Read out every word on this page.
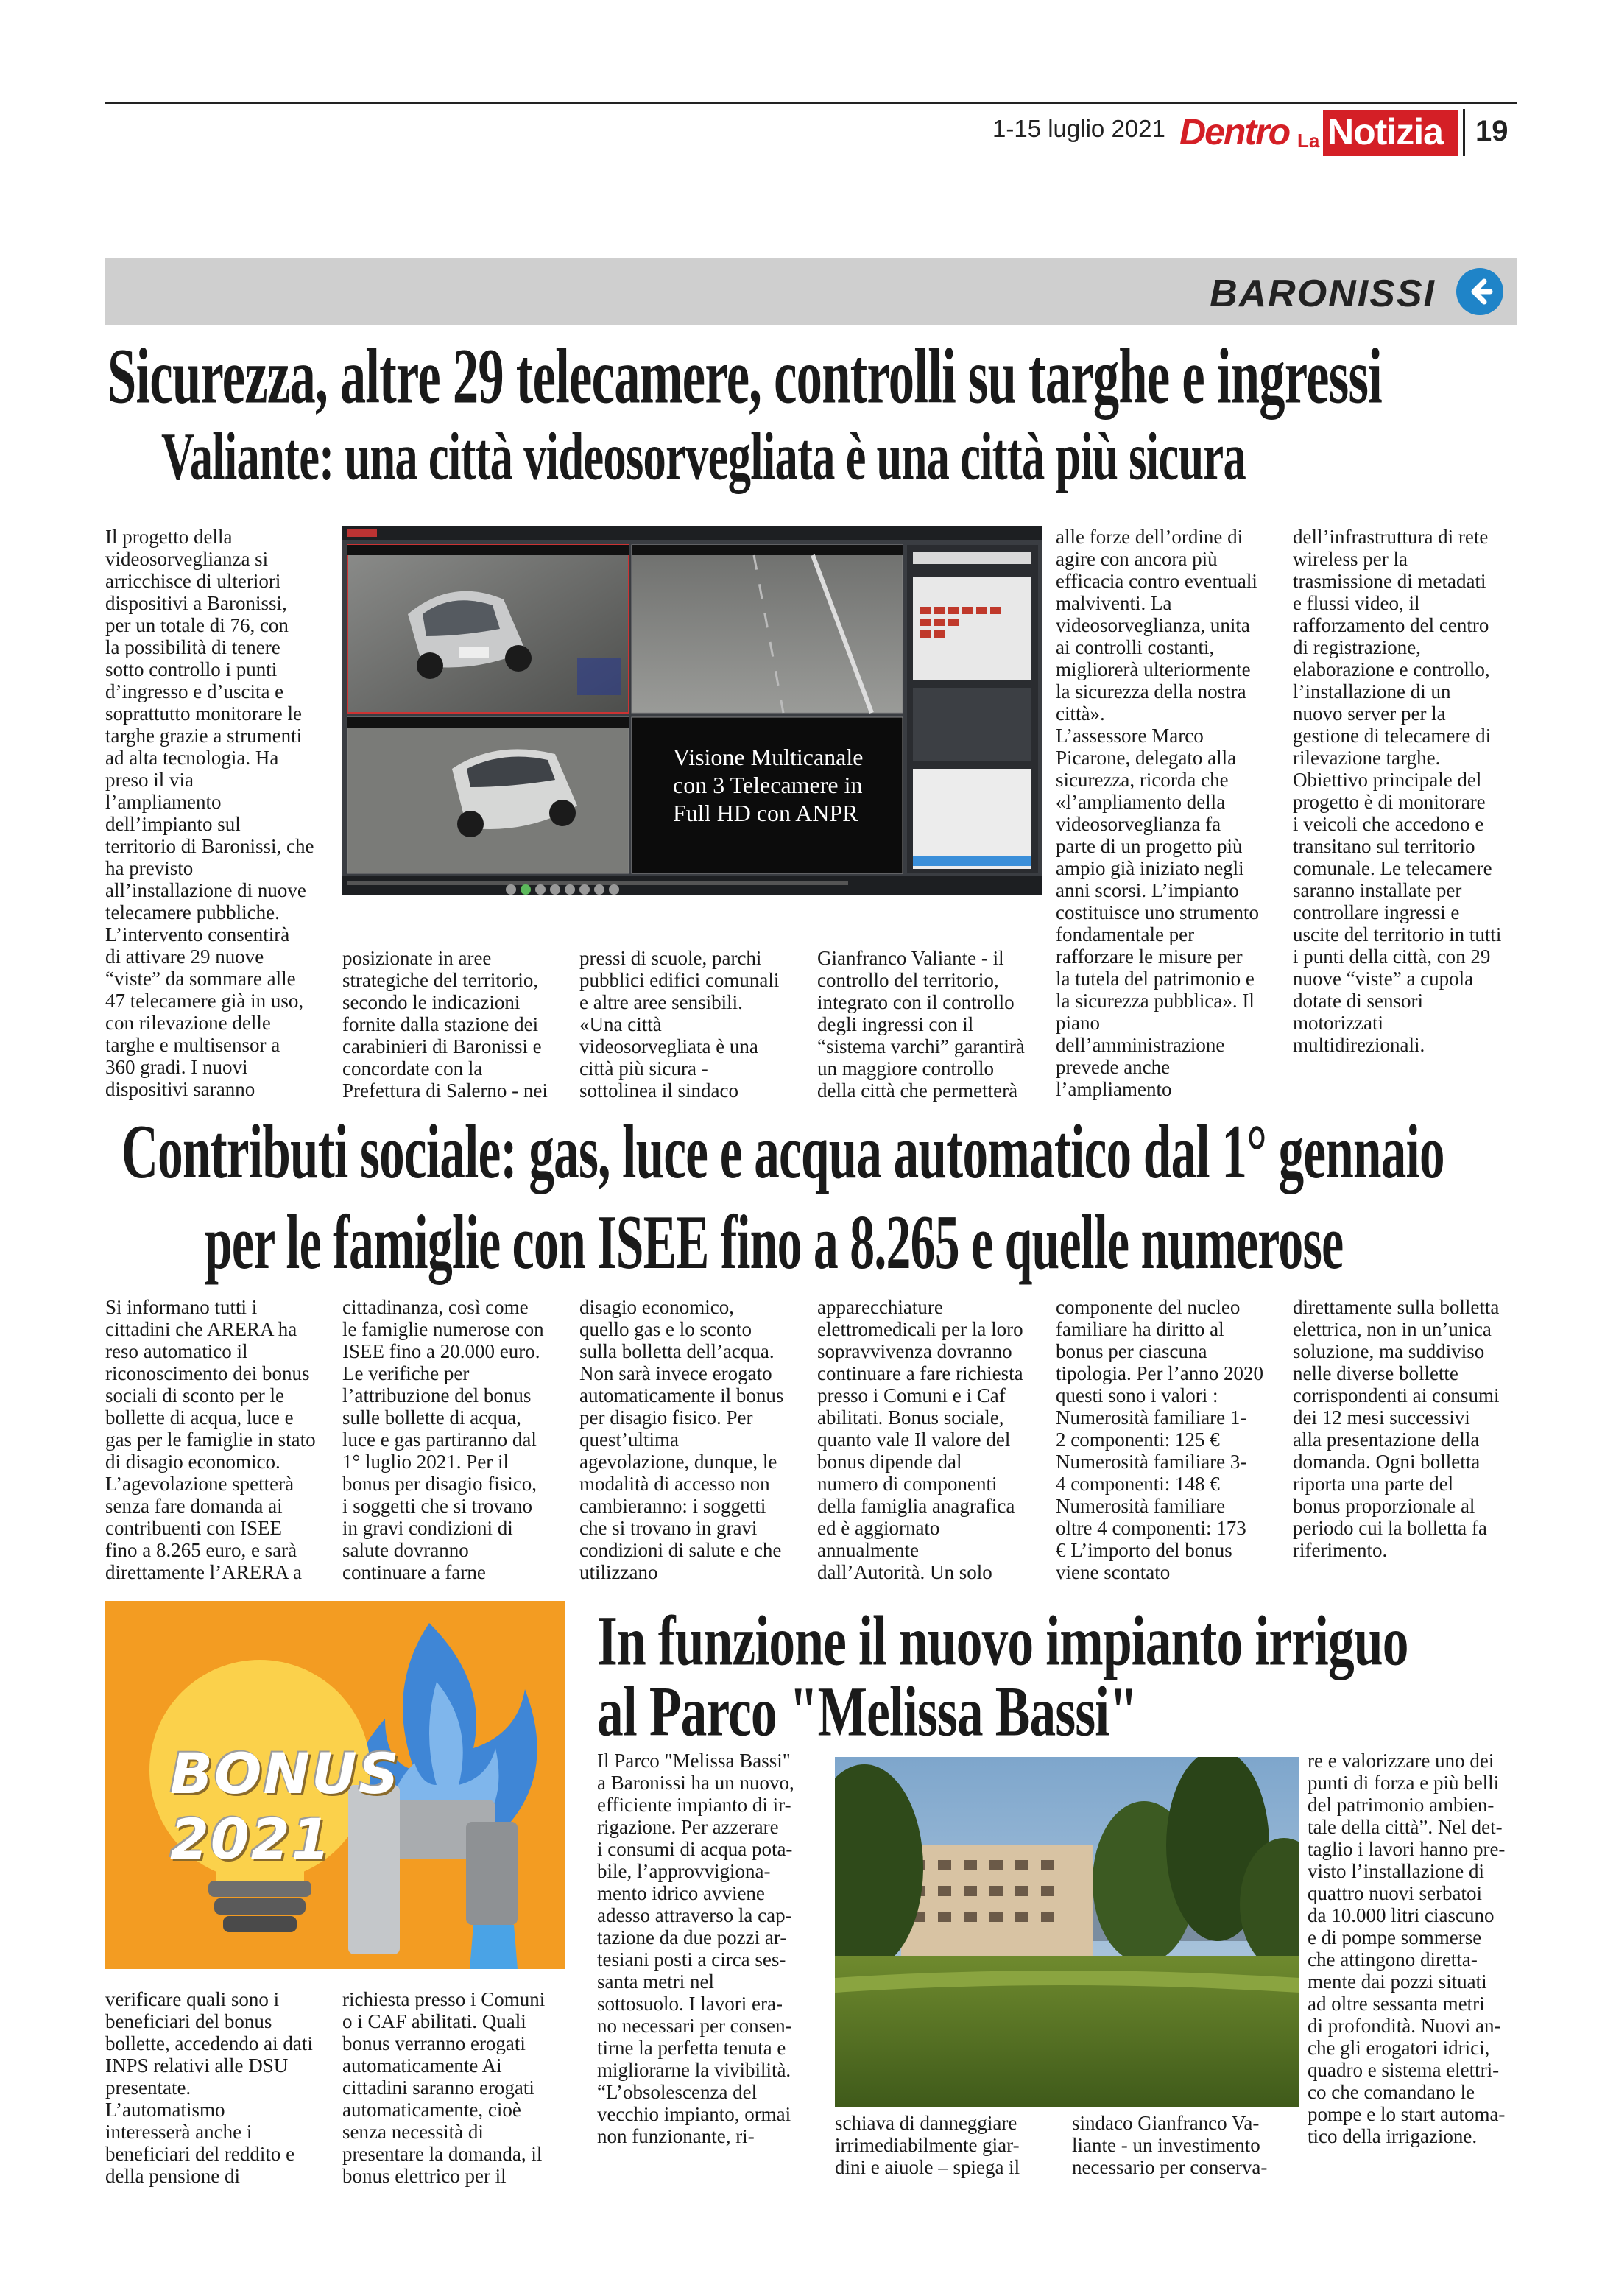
1-15 luglio 2021 Dentro La Notizia 19
BARONISSI
Sicurezza, altre 29 telecamere, controlli su targhe e ingressi
Valiante: una città videosorvegliata è una città più sicura
Visione Multicanale
con 3 Telecamere in
Full HD con ANPR

Il progetto della
videosorveglianza si
arricchisce di ulteriori
dispositivi a Baronissi,
per un totale di 76, con
la possibilità di tenere
sotto controllo i punti
d’ingresso e d’uscita e
soprattutto monitorare le
targhe grazie a strumenti
ad alta tecnologia. Ha
preso il via
l’ampliamento
dell’impianto sul
territorio di Baronissi, che
ha previsto
all’installazione di nuove
telecamere pubbliche.
L’intervento consentirà
di attivare 29 nuove
“viste” da sommare alle
47 telecamere già in uso,
con rilevazione delle
targhe e multisensor a
360 gradi. I nuovi
dispositivi saranno

posizionate in aree
strategiche del territorio,
secondo le indicazioni
fornite dalla stazione dei
carabinieri di Baronissi e
concordate con la
Prefettura di Salerno - nei

pressi di scuole, parchi
pubblici edifici comunali
e altre aree sensibili.
«Una città
videosorvegliata è una
città più sicura -
sottolinea il sindaco

Gianfranco Valiante - il
controllo del territorio,
integrato con il controllo
degli ingressi con il
“sistema varchi” garantirà
un maggiore controllo
della città che permetterà

alle forze dell’ordine di
agire con ancora più
efficacia contro eventuali
malviventi. La
videosorveglianza, unita
ai controlli costanti,
migliorerà ulteriormente
la sicurezza della nostra
città».
L’assessore Marco
Picarone, delegato alla
sicurezza, ricorda che
«l’ampliamento della
videosorveglianza fa
parte di un progetto più
ampio già iniziato negli
anni scorsi. L’impianto
costituisce uno strumento
fondamentale per
rafforzare le misure per
la tutela del patrimonio e
la sicurezza pubblica». Il
piano
dell’amministrazione
prevede anche
l’ampliamento

dell’infrastruttura di rete
wireless per la
trasmissione di metadati
e flussi video, il
rafforzamento del centro
di registrazione,
elaborazione e controllo,
l’installazione di un
nuovo server per la
gestione di telecamere di
rilevazione targhe.
Obiettivo principale del
progetto è di monitorare
i veicoli che accedono e
transitano sul territorio
comunale. Le telecamere
saranno installate per
controllare ingressi e
uscite del territorio in tutti
i punti della città, con 29
nuove “viste” a cupola
dotate di sensori
motorizzati
multidirezionali.

Contributi sociale: gas, luce e acqua automatico dal 1° gennaio
per le famiglie con ISEE fino a 8.265 e quelle numerose

Si informano tutti i
cittadini che ARERA ha
reso automatico il
riconoscimento dei bonus
sociali di sconto per le
bollette di acqua, luce e
gas per le famiglie in stato
di disagio economico.
L’agevolazione spetterà
senza fare domanda ai
contribuenti con ISEE
fino a 8.265 euro, e sarà
direttamente l’ARERA a

cittadinanza, così come
le famiglie numerose con
ISEE fino a 20.000 euro.
Le verifiche per
l’attribuzione del bonus
sulle bollette di acqua,
luce e gas partiranno dal
1° luglio 2021. Per il
bonus per disagio fisico,
i soggetti che si trovano
in gravi condizioni di
salute dovranno
continuare a farne

disagio economico,
quello gas e lo sconto
sulla bolletta dell’acqua.
Non sarà invece erogato
automaticamente il bonus
per disagio fisico. Per
quest’ultima
agevolazione, dunque, le
modalità di accesso non
cambieranno: i soggetti
che si trovano in gravi
condizioni di salute e che
utilizzano

apparecchiature
elettromedicali per la loro
sopravvivenza dovranno
continuare a fare richiesta
presso i Comuni e i Caf
abilitati. Bonus sociale,
quanto vale Il valore del
bonus dipende dal
numero di componenti
della famiglia anagrafica
ed è aggiornato
annualmente
dall’Autorità. Un solo

componente del nucleo
familiare ha diritto al
bonus per ciascuna
tipologia. Per l’anno 2020
questi sono i valori :
Numerosità familiare 1-
2 componenti: 125 €
Numerosità familiare 3-
4 componenti: 148 €
Numerosità familiare
oltre 4 componenti: 173
€ L’importo del bonus
viene scontato

direttamente sulla bolletta
elettrica, non in un’unica
soluzione, ma suddiviso
nelle diverse bollette
corrispondenti ai consumi
dei 12 mesi successivi
alla presentazione della
domanda. Ogni bolletta
riporta una parte del
bonus proporzionale al
periodo cui la bolletta fa
riferimento.

BONUS 2021

verificare quali sono i
beneficiari del bonus
bollette, accedendo ai dati
INPS relativi alle DSU
presentate.
L’automatismo
interesserà anche i
beneficiari del reddito e
della pensione di

richiesta presso i Comuni
o i CAF abilitati. Quali
bonus verranno erogati
automaticamente Ai
cittadini saranno erogati
automaticamente, cioè
senza necessità di
presentare la domanda, il
bonus elettrico per il

In funzione il nuovo impianto irriguo
al Parco "Melissa Bassi"

Il Parco "Melissa Bassi"
a Baronissi ha un nuovo,
efficiente impianto di ir-
rigazione. Per azzerare
i consumi di acqua pota-
bile, l’approvvigiona-
mento idrico avviene
adesso attraverso la cap-
tazione da due pozzi ar-
tesiani posti a circa ses-
santa metri nel
sottosuolo. I lavori era-
no necessari per consen-
tirne la perfetta tenuta e
migliorarne la vivibilità.
“L’obsolescenza del
vecchio impianto, ormai
non funzionante, ri-

schiava di danneggiare
irrimediabilmente giar-
dini e aiuole – spiega il

sindaco Gianfranco Va-
liante - un investimento
necessario per conserva-

re e valorizzare uno dei
punti di forza e più belli
del patrimonio ambien-
tale della città”. Nel det-
taglio i lavori hanno pre-
visto l’installazione di
quattro nuovi serbatoi
da 10.000 litri ciascuno
e di pompe sommerse
che attingono diretta-
mente dai pozzi situati
ad oltre sessanta metri
di profondità. Nuovi an-
che gli erogatori idrici,
quadro e sistema elettri-
co che comandano le
pompe e lo start automa-
tico della irrigazione.
